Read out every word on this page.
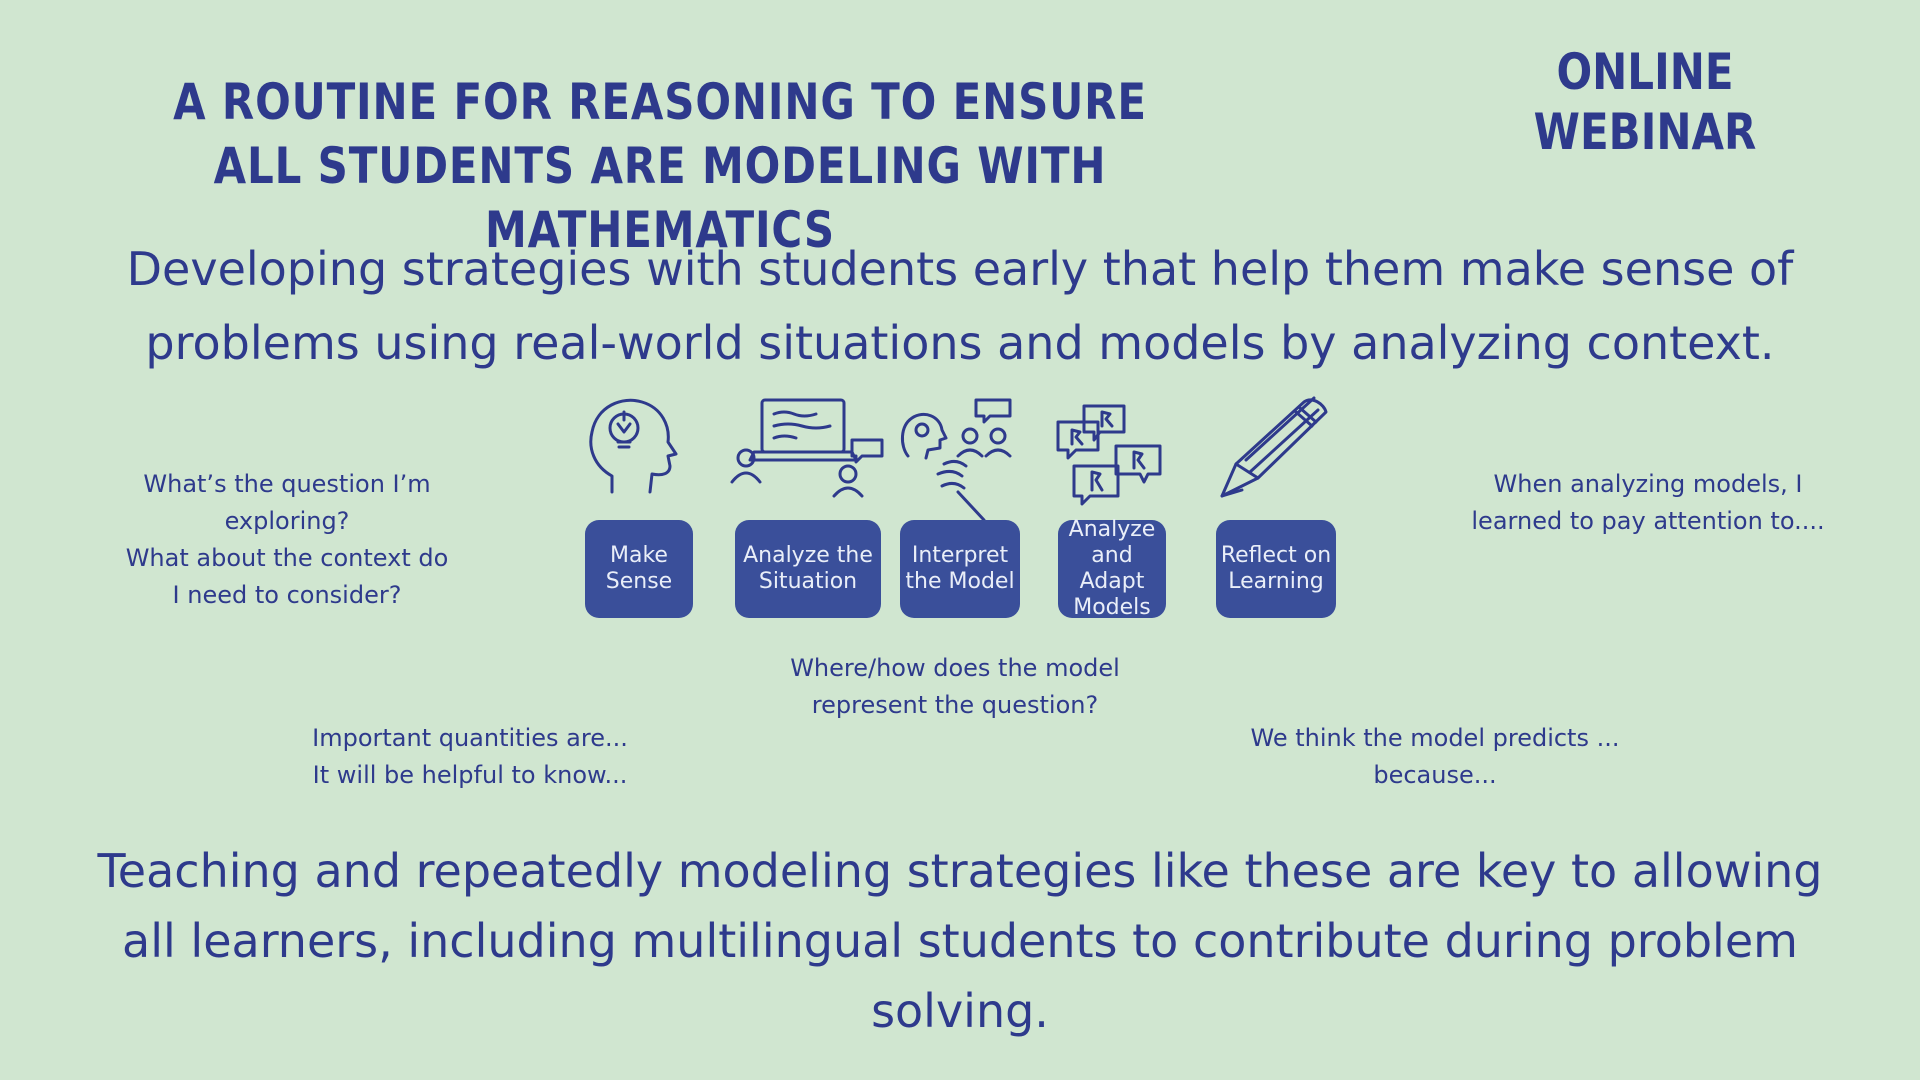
A ROUTINE FOR REASONING TO ENSURE ALL STUDENTS ARE MODELING WITH MATHEMATICS
ONLINE WEBINAR
Developing strategies with students early that help them make sense of problems using real-world situations and models by analyzing context.
Make Sense
Analyze the Situation
Interpret the Model
Analyze and Adapt Models
Reflect on Learning
What’s the question I’m exploring?
What about the context do I need to consider?
Important quantities are...
It will be helpful to know...
Where/how does the model represent the question?
We think the model predicts ...
because...
When analyzing models, I learned to pay attention to....
Teaching and repeatedly modeling strategies like these are key to allowing all learners, including multilingual students to contribute during problem solving.
